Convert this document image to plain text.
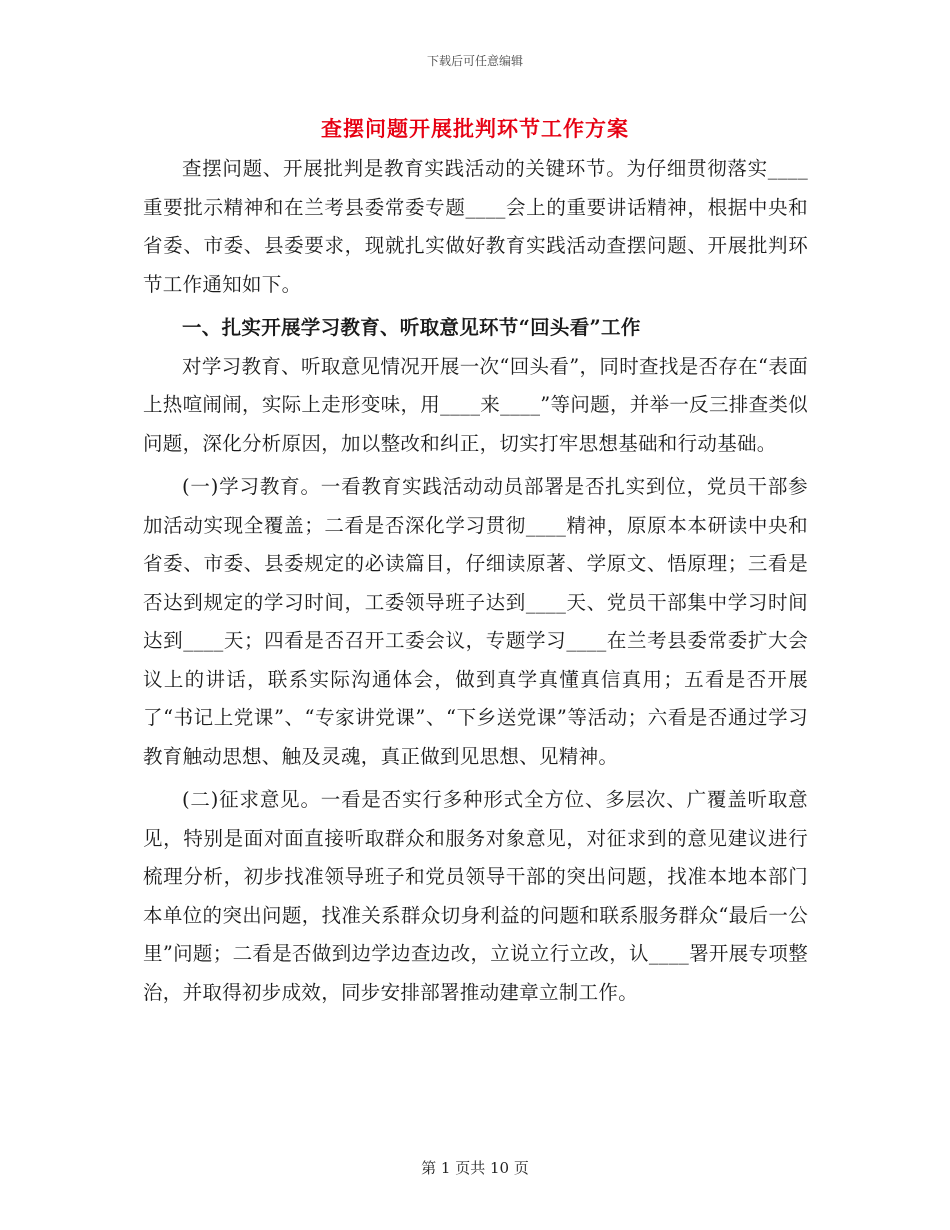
下载后可任意编辑
查摆问题开展批判环节工作方案

查摆问题、开展批判是教育实践活动的关键环节。为仔细贯彻落实____重要批示精神和在兰考县委常委专题____会上的重要讲话精神，根据中央和省委、市委、县委要求，现就扎实做好教育实践活动查摆问题、开展批判环节工作通知如下。

一、扎实开展学习教育、听取意见环节“回头看”工作

对学习教育、听取意见情况开展一次“回头看”，同时查找是否存在“表面上热喧闹闹，实际上走形变味，用____来____”等问题，并举一反三排查类似问题，深化分析原因，加以整改和纠正，切实打牢思想基础和行动基础。

(一)学习教育。一看教育实践活动动员部署是否扎实到位，党员干部参加活动实现全覆盖；二看是否深化学习贯彻____精神，原原本本研读中央和省委、市委、县委规定的必读篇目，仔细读原著、学原文、悟原理；三看是否达到规定的学习时间，工委领导班子达到____天、党员干部集中学习时间达到____天；四看是否召开工委会议，专题学习____在兰考县委常委扩大会议上的讲话，联系实际沟通体会，做到真学真懂真信真用；五看是否开展了“书记上党课”、“专家讲党课”、“下乡送党课”等活动；六看是否通过学习教育触动思想、触及灵魂，真正做到见思想、见精神。

(二)征求意见。一看是否实行多种形式全方位、多层次、广覆盖听取意见，特别是面对面直接听取群众和服务对象意见，对征求到的意见建议进行梳理分析，初步找准领导班子和党员领导干部的突出问题，找准本地本部门本单位的突出问题，找准关系群众切身利益的问题和联系服务群众“最后一公里”问题；二看是否做到边学边查边改，立说立行立改，认____署开展专项整治，并取得初步成效，同步安排部署推动建章立制工作。

第 1 页共 10 页
